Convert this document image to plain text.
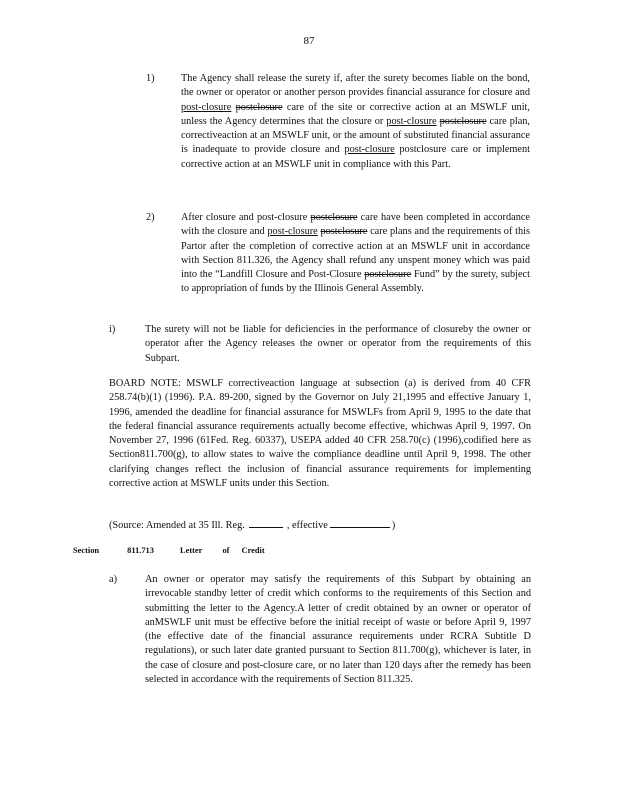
87
1)	The Agency shall release the surety if, after the surety becomes liable on the bond, the owner or operator or another person provides financial assurance for closure and post-closure postclosure care of the site or corrective action at an MSWLF unit, unless the Agency determines that the closure or post-closure postclosure care plan, correctiveaction at an MSWLF unit, or the amount of substituted financial assurance is inadequate to provide closure and post-closure postclosure care or implement corrective action at an MSWLF unit in compliance with this Part.
2)	After closure and post-closure postclosure care have been completed in accordance with the closure and post-closure postclosure care plans and the requirements of this Partor after the completion of corrective action at an MSWLF unit in accordance with Section 811.326, the Agency shall refund any unspent money which was paid into the “Landfill Closure and Post-Closure postclosure Fund” by the surety, subject to appropriation of funds by the Illinois General Assembly.
i)	The surety will not be liable for deficiencies in the performance of closureby the owner or operator after the Agency releases the owner or operator from the requirements of this Subpart.
BOARD NOTE: MSWLF correctiveaction language at subsection (a) is derived from 40 CFR 258.74(b)(1) (1996). P.A. 89-200, signed by the Governor on July 21,1995 and effective January 1, 1996, amended the deadline for financial assurance for MSWLFs from April 9, 1995 to the date that the federal financial assurance requirements actually become effective, whichwas April 9, 1997. On November 27, 1996 (61Fed. Reg. 60337), USEPA added 40 CFR 258.70(c) (1996),codified here as Section811.700(g), to allow states to waive the compliance deadline until April 9, 1998. The other clarifying changes reflect the inclusion of financial assurance requirements for implementing corrective action at MSWLF units under this Section.
(Source: Amended at 35 Ill. Reg.	, effective	)
Section	811.713	Letter of Credit
a)	An owner or operator may satisfy the requirements of this Subpart by obtaining an irrevocable standby letter of credit which conforms to the requirements of this Section and submitting the letter to the Agency.A letter of credit obtained by an owner or operator of anMSWLF unit must be effective before the initial receipt of waste or before April 9, 1997 (the effective date of the financial assurance requirements under RCRA Subtitle D regulations), or such later date granted pursuant to Section 811.700(g), whichever is later, in the case of closure and post-closure care, or no later than 120 days after the remedy has been selected in accordance with the requirements of Section 811.325.
